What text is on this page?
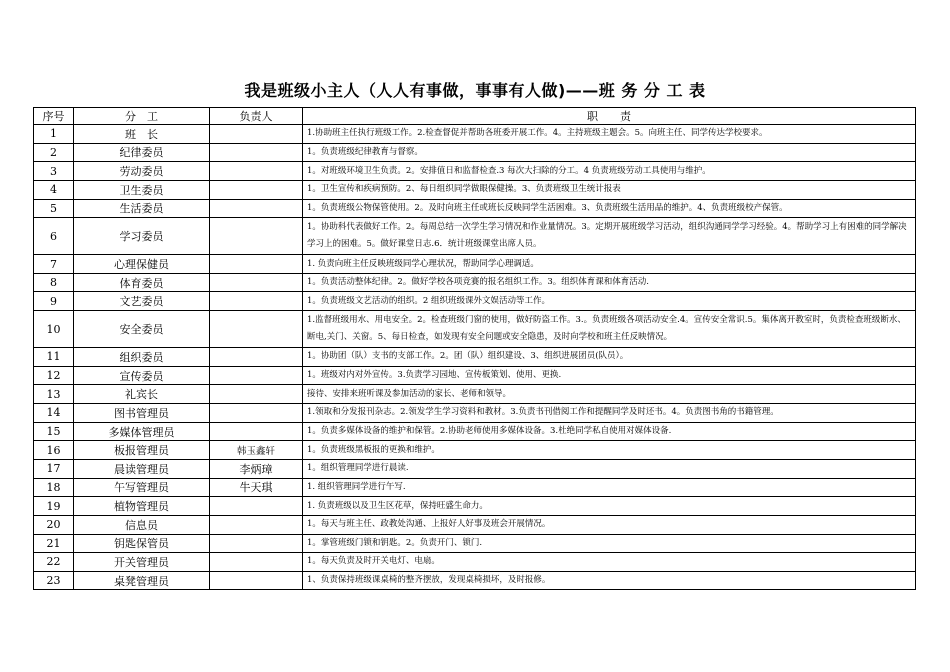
我是班级小主人（人人有事做，事事有人做)——班 务 分 工 表
序号	分　工	负责人	职　　责
1	班　长		1.协助班主任执行班级工作。2.检查督促并帮助各班委开展工作。4。主持班级主题会。5。向班主任、同学传达学校要求。
2	纪律委员		1。负责班级纪律教育与督察。
3	劳动委员		1。对班级环境卫生负责。2。安排值日和监督检查.3 每次大扫除的分工。4 负责班级劳动工具使用与维护。
4	卫生委员		1。卫生宣传和疾病预防。2、每日组织同学做眼保健操。3、负责班级卫生统计报表
5	生活委员		1。负责班级公物保管使用。2。及时向班主任或班长反映同学生活困难。3、负责班级生活用品的维护。4、负责班级校产保管。
6	学习委员		1。协助科代表做好工作。2。每周总结一次学生学习情况和作业量情况。3。定期开展班级学习活动，组织沟通同学学习经验。4。帮助学习上有困难的同学解决学习上的困难。5。做好课堂日志.6．统计班级课堂出席人员。
7	心理保健员		1. 负责向班主任反映班级同学心理状况，帮助同学心理调适。
8	体育委员		1。负责活动整体纪律。2。做好学校各项竞赛的报名组织工作。3。组织体育课和体育活动.
9	文艺委员		1。负责班级文艺活动的组织。2 组织班级课外文娱活动等工作。
10	安全委员		1.监督班级用水、用电安全。2。检查班级门窗的使用，做好防盗工作。3.。负责班级各项活动安全.4。宣传安全常识.5。集体离开教室时，负责检查班级断水、断电,关门、关窗。5、每日检查，如发现有安全问题或安全隐患，及时向学校和班主任反映情况。
11	组织委员		1。协助团（队）支书的支部工作。2。团（队）组织建设、3、组织进展团员(队员）。
12	宣传委员		1。班级对内对外宣传。3.负责学习园地、宣传板策划、使用、更换.
13	礼宾长		接待、安排来班听课及参加活动的家长、老师和领导。
14	图书管理员		1.领取和分发报刊杂志。2.领发学生学习资料和教材。3.负责书刊借阅工作和提醒同学及时还书。4。负责图书角的书籍管理。
15	多媒体管理员		1。负责多媒体设备的维护和保管。2.协助老师使用多媒体设备。3.杜绝同学私自使用对媒体设备.
16	板报管理员	韩玉鑫轩	1。负责班级黑板报的更换和维护。
17	晨读管理员	李炳璋	1。组织管理同学进行晨读.
18	午写管理员	牛天琪	1. 组织管理同学进行午写.
19	植物管理员		1. 负责班级以及卫生区花草，保持旺盛生命力。
20	信息员		1。每天与班主任、政教处沟通、上报好人好事及班会开展情况。
21	钥匙保管员		1。掌管班级门锁和钥匙。2。负责开门、锁门.
22	开关管理员		1。每天负责及时开关电灯、电扇。
23	桌凳管理员		1、负责保持班级课桌椅的整齐摆放，发现桌椅损坏，及时报修。
